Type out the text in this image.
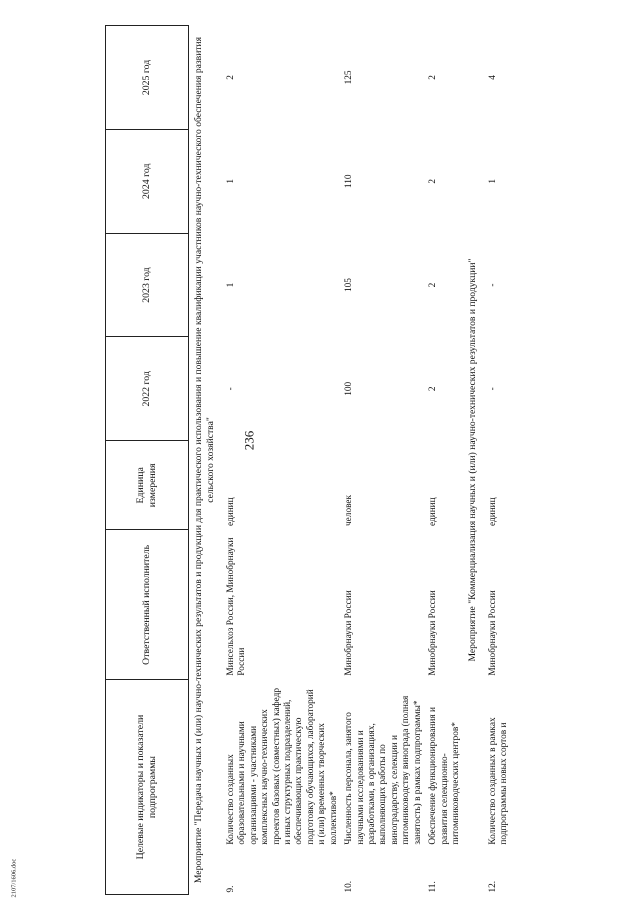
236
2107/1606.doc
Целевые индикаторы и показатели подпрограммы		Ответственный исполнитель	Единица измерения	2022 год	2023 год	2024 год	2025 год
Мероприятие "Передача научных и (или) научно-технических результатов и продукции для практического использования и повышение квалификации участников научно-технического обеспечения развития сельского хозяйства"							
9.	Количество созданных образовательными и научными организациями - участниками комплексных научно-технических проектов базовых (совместных) кафедр и иных структурных подразделений, обеспечивающих практическую подготовку обучающихся, лабораторий и (или) временных творческих коллективов*	Минсельхоз России, Минобрнауки России	единиц	-	1	1	2
10.	Численность персонала, занятого научными исследованиями и разработками, в организациях, выполняющих работы по виноградарству, селекции и питомниководству винограда (полная занятость) в рамках подпрограммы*	Минобрнауки России	человек	100	105	110	125
11.	Обеспечение функционирования и развития селекционно-питомниководческих центров*	Минобрнауки России	единиц	2	2	2	2
Мероприятие "Коммерциализация научных и (или) научно-технических результатов и продукции"							
12.	Количество созданных в рамках подпрограммы новых сортов и	Минобрнауки России	единиц	-	-	1	4
